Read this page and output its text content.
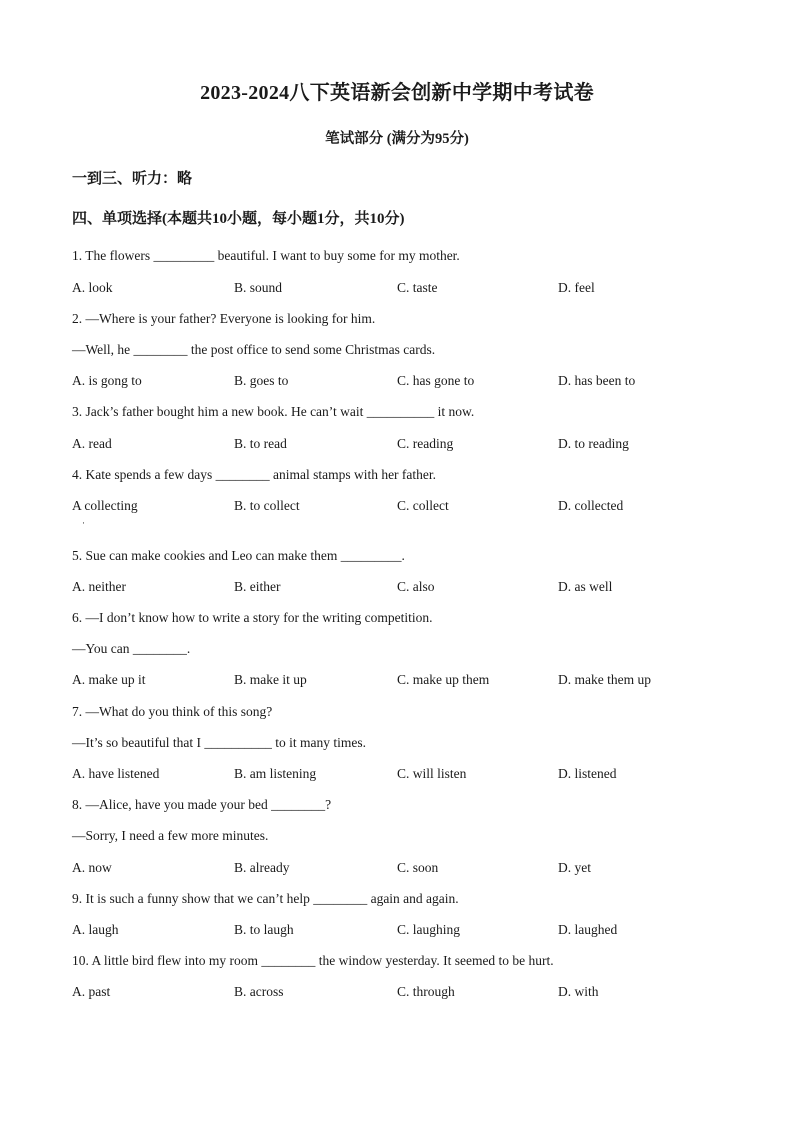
2023-2024八下英语新会创新中学期中考试卷
笔试部分 (满分为95分)
一到三、听力：略
四、单项选择(本题共10小题，每小题1分，共10分)
1. The flowers _________ beautiful. I want to buy some for my mother.
A. look	B. sound	C. taste	D. feel
2. —Where is your father? Everyone is looking for him.
—Well, he ________ the post office to send some Christmas cards.
A. is gong to	B. goes to	C. has gone to	D. has been to
3. Jack’s father bought him a new book. He can’t wait __________ it now.
A. read	B. to read	C. reading	D. to reading
4. Kate spends a few days ________ animal stamps with her father.
A collecting	B. to collect	C. collect	D. collected
·
5. Sue can make cookies and Leo can make them _________.
A. neither	B. either	C. also	D. as well
6. —I don’t know how to write a story for the writing competition.
—You can ________.
A. make up it	B. make it up	C. make up them	D. make them up
7. —What do you think of this song?
—It’s so beautiful that I __________ to it many times.
A. have listened	B. am listening	C. will listen	D. listened
8. —Alice, have you made your bed ________?
—Sorry, I need a few more minutes.
A. now	B. already	C. soon	D. yet
9. It is such a funny show that we can’t help ________ again and again.
A. laugh	B. to laugh	C. laughing	D. laughed
10. A little bird flew into my room ________ the window yesterday. It seemed to be hurt.
A. past	B. across	C. through	D. with
